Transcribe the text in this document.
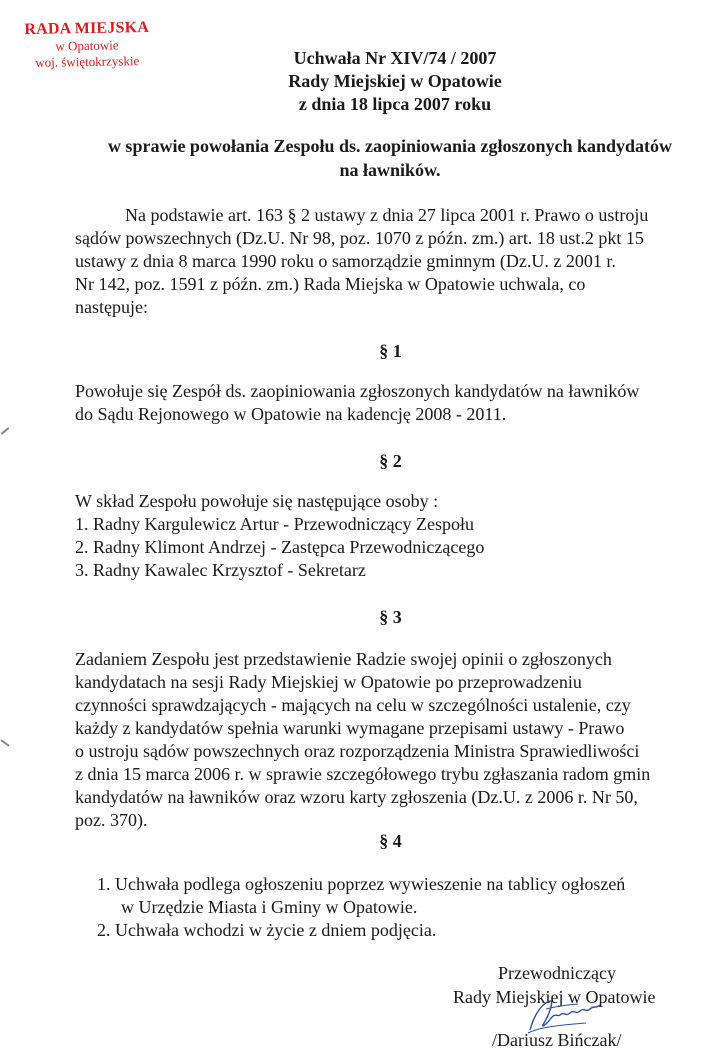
RADA MIEJSKA
w Opatowie
woj. świętokrzyskie	Uchwała Nr XIV/74 / 2007
Rady Miejskiej w Opatowie
z dnia 18 lipca 2007 roku
w sprawie powołania Zespołu ds. zaopiniowania zgłoszonych kandydatów
na ławników.
Na podstawie art. 163 § 2 ustawy z dnia 27 lipca 2001 r. Prawo o ustroju
sądów powszechnych (Dz.U. Nr 98, poz. 1070 z późn. zm.) art. 18 ust.2 pkt 15
ustawy z dnia 8 marca 1990 roku o samorządzie gminnym (Dz.U. z 2001 r.
Nr 142, poz. 1591 z późn. zm.) Rada Miejska w Opatowie uchwala, co
następuje:
§ 1
Powołuje się Zespół ds. zaopiniowania zgłoszonych kandydatów na ławników
do Sądu Rejonowego w Opatowie na kadencję 2008 - 2011.
§ 2
W skład Zespołu powołuje się następujące osoby :
1. Radny Kargulewicz Artur - Przewodniczący Zespołu
2. Radny Klimont Andrzej - Zastępca Przewodniczącego
3. Radny Kawalec Krzysztof - Sekretarz
§ 3
Zadaniem Zespołu jest przedstawienie Radzie swojej opinii o zgłoszonych
kandydatach na sesji Rady Miejskiej w Opatowie po przeprowadzeniu
czynności sprawdzających - mających na celu w szczególności ustalenie, czy
każdy z kandydatów spełnia warunki wymagane przepisami ustawy - Prawo
o ustroju sądów powszechnych oraz rozporządzenia Ministra Sprawiedliwości
z dnia 15 marca 2006 r. w sprawie szczegółowego trybu zgłaszania radom gmin
kandydatów na ławników oraz wzoru karty zgłoszenia (Dz.U. z 2006 r. Nr 50,
poz. 370).
§ 4
1. Uchwała podlega ogłoszeniu poprzez wywieszenie na tablicy ogłoszeń
w Urzędzie Miasta i Gminy w Opatowie.
2. Uchwała wchodzi w życie z dniem podjęcia.
Przewodniczący
Rady Miejskiej w Opatowie
/Dariusz Bińczak/
